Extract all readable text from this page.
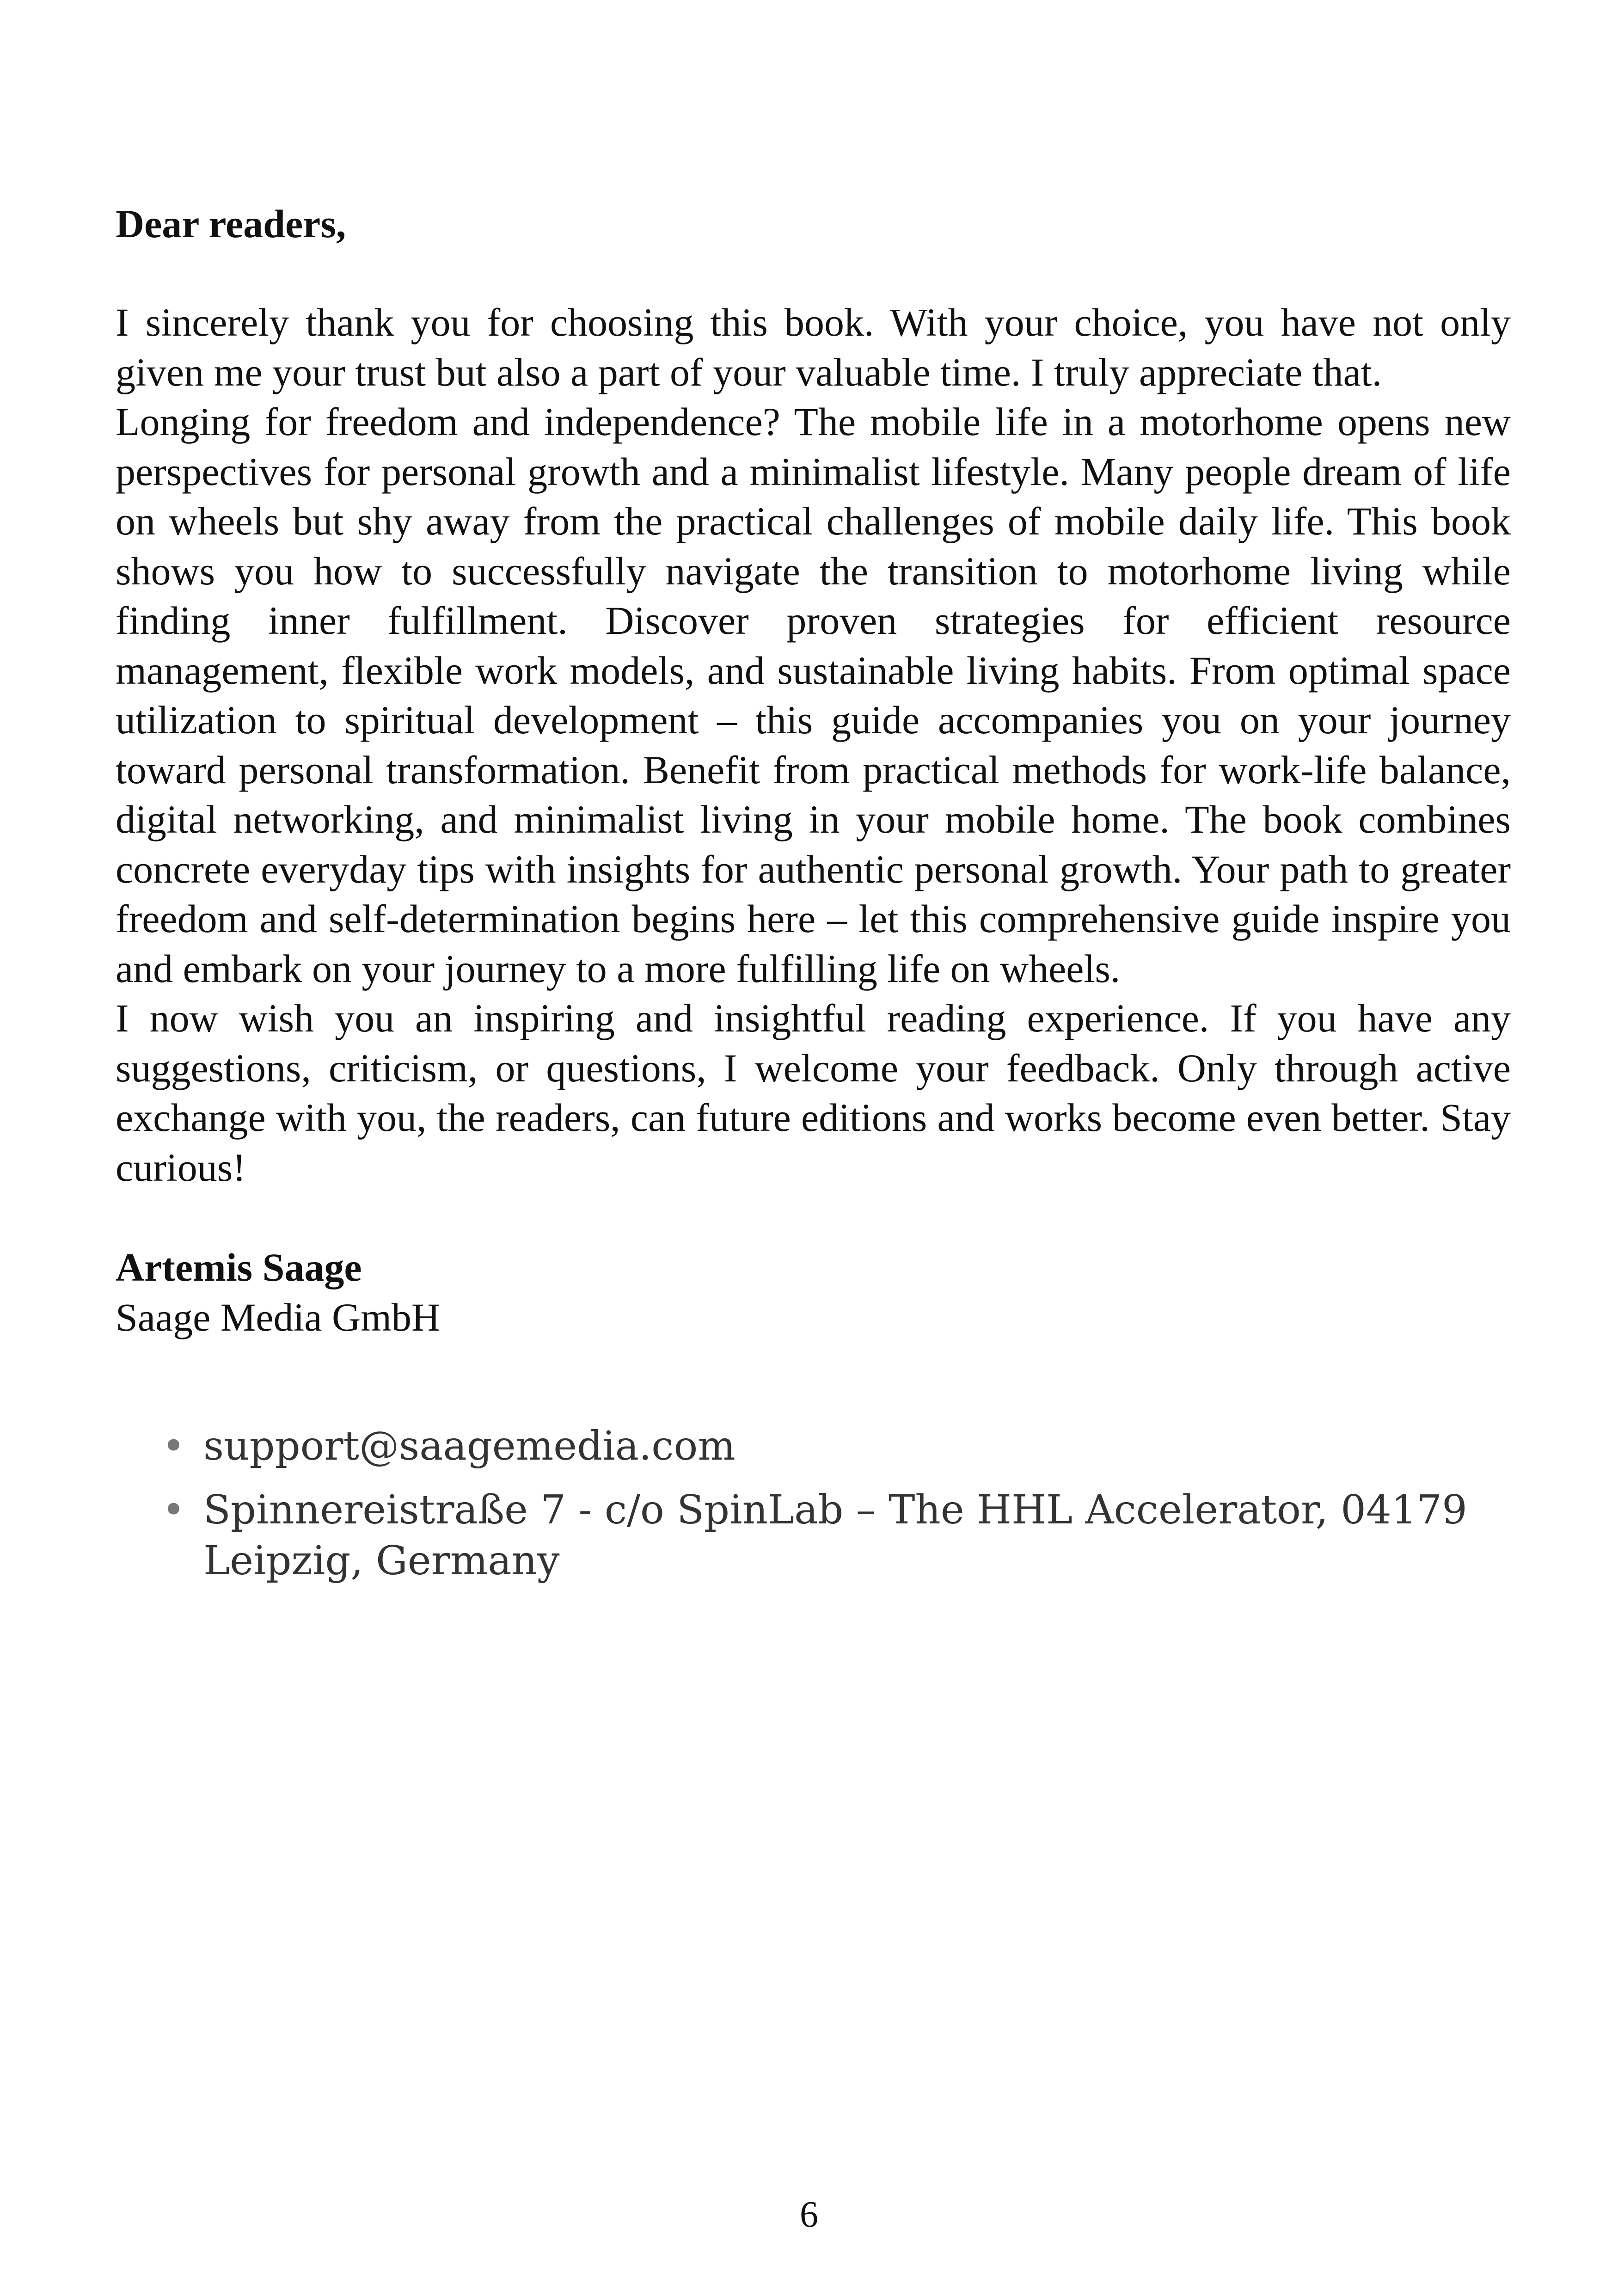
Dear readers,

I sincerely thank you for choosing this book. With your choice, you have not only given me your trust but also a part of your valuable time. I truly appreciate that.

Longing for freedom and independence? The mobile life in a motorhome opens new perspectives for personal growth and a minimalist lifestyle. Many people dream of life on wheels but shy away from the practical challenges of mobile daily life. This book shows you how to successfully navigate the transition to motorhome living while finding inner fulfillment. Discover proven strategies for efficient resource management, flexible work models, and sustainable living habits. From optimal space utilization to spiritual development – this guide accompanies you on your journey toward personal transformation. Benefit from practical methods for work-life balance, digital networking, and minimalist living in your mobile home. The book combines concrete everyday tips with insights for authentic personal growth. Your path to greater freedom and self-determination begins here – let this comprehensive guide inspire you and embark on your journey to a more fulfilling life on wheels.

I now wish you an inspiring and insightful reading experience. If you have any suggestions, criticism, or questions, I welcome your feedback. Only through active exchange with you, the readers, can future editions and works become even better. Stay curious!

Artemis Saage

Saage Media GmbH

• support@saagemedia.com
• Spinnereistraße 7 - c/o SpinLab – The HHL Accelerator, 04179 Leipzig, Germany
6
